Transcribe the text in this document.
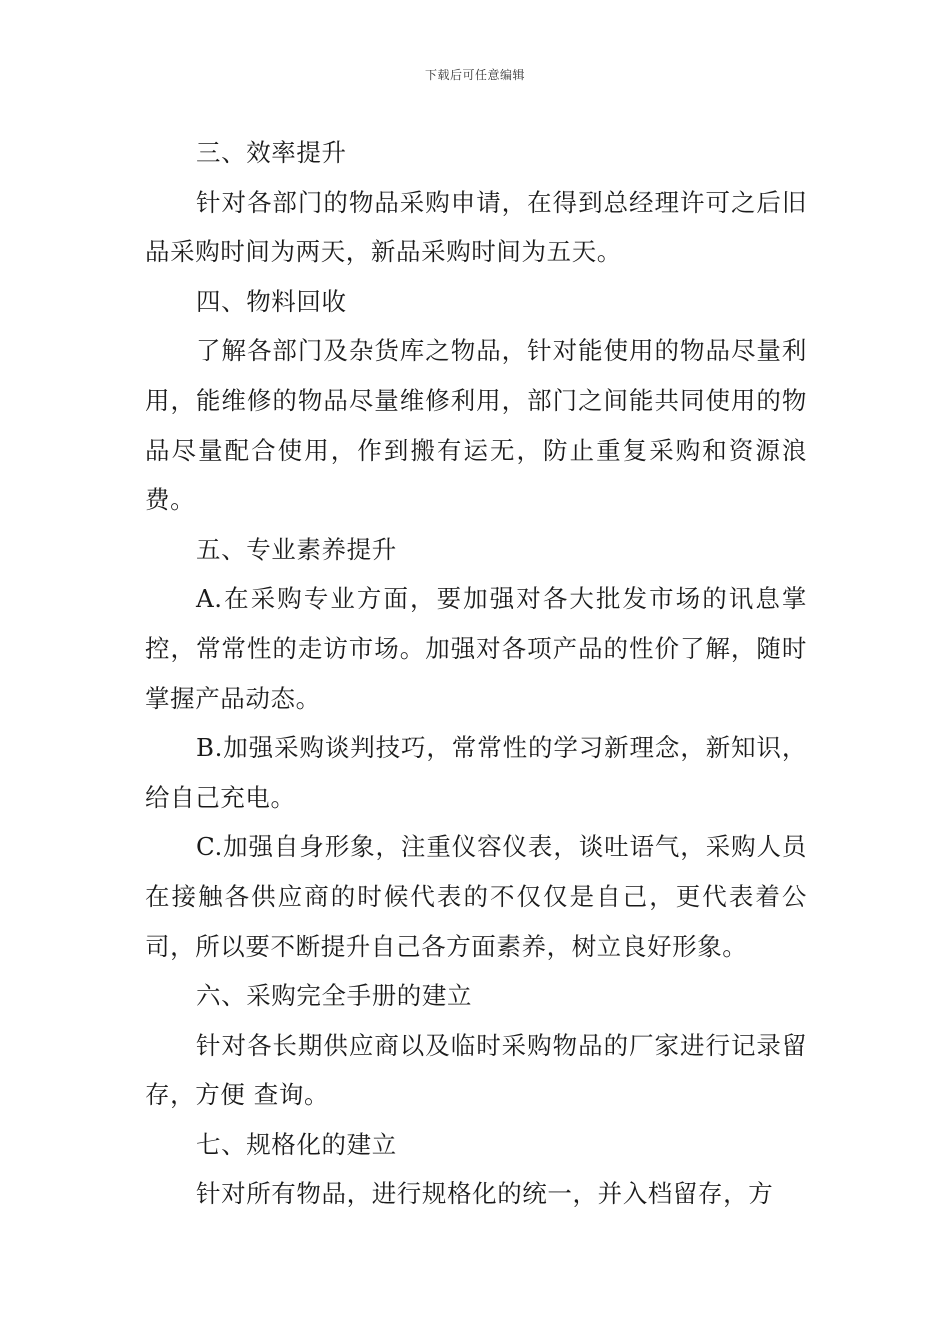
下载后可任意编辑

三、效率提升

针对各部门的物品采购申请，在得到总经理许可之后旧品采购时间为两天，新品采购时间为五天。

四、物料回收

了解各部门及杂货库之物品，针对能使用的物品尽量利用，能维修的物品尽量维修利用，部门之间能共同使用的物品尽量配合使用，作到搬有运无，防止重复采购和资源浪费。

五、专业素养提升

A.在采购专业方面，要加强对各大批发市场的讯息掌控，常常性的走访市场。加强对各项产品的性价了解，随时掌握产品动态。

B.加强采购谈判技巧，常常性的学习新理念，新知识，给自己充电。

C.加强自身形象，注重仪容仪表，谈吐语气，采购人员在接触各供应商的时候代表的不仅仅是自己，更代表着公司，所以要不断提升自己各方面素养，树立良好形象。

六、采购完全手册的建立

针对各长期供应商以及临时采购物品的厂家进行记录留存，方便 查询。

七、规格化的建立

针对所有物品，进行规格化的统一，并入档留存，方
